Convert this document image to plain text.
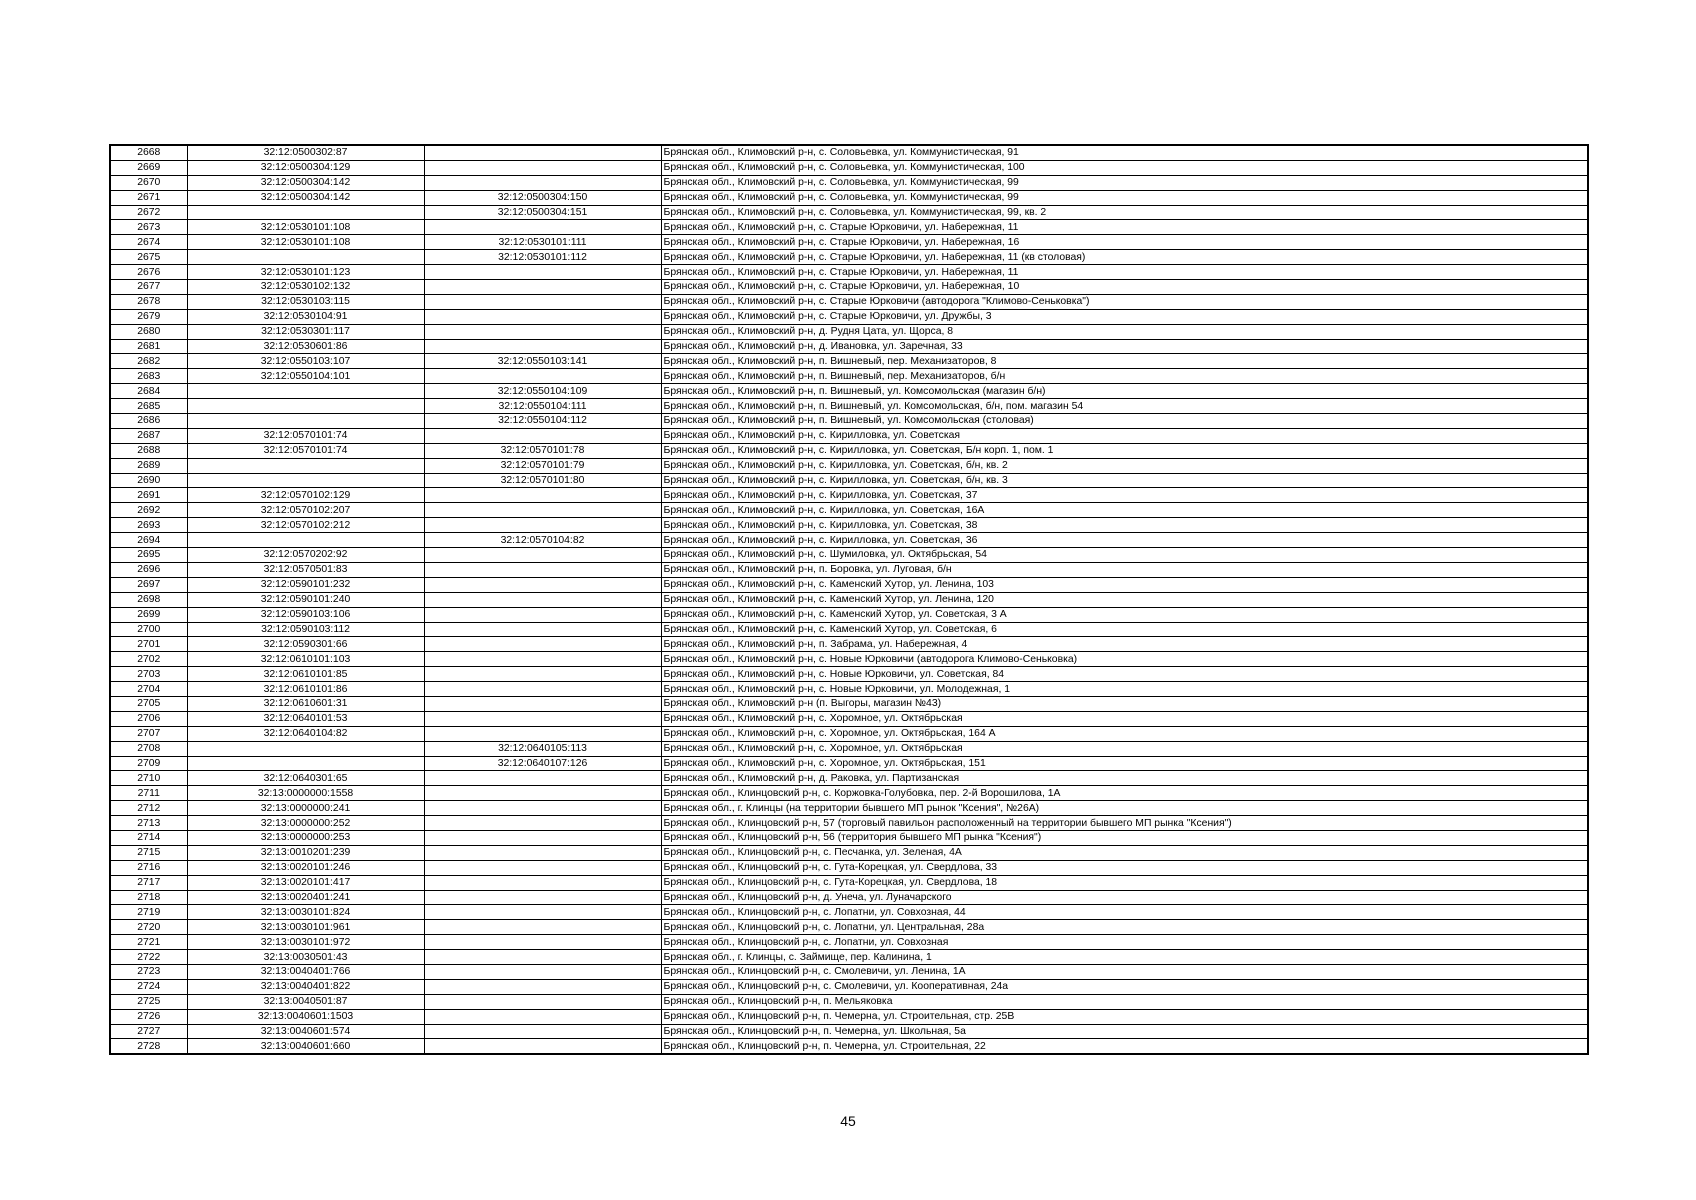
2668	32:12:0500302:87		Брянская обл., Климовский р-н, с. Соловьевка, ул. Коммунистическая, 91
2669	32:12:0500304:129		Брянская обл., Климовский р-н, с. Соловьевка, ул. Коммунистическая, 100
2670	32:12:0500304:142		Брянская обл., Климовский р-н, с. Соловьевка, ул. Коммунистическая, 99
2671	32:12:0500304:142	32:12:0500304:150	Брянская обл., Климовский р-н, с. Соловьевка, ул. Коммунистическая, 99
2672		32:12:0500304:151	Брянская обл., Климовский р-н, с. Соловьевка, ул. Коммунистическая, 99, кв. 2
2673	32:12:0530101:108		Брянская обл., Климовский р-н, с. Старые Юрковичи, ул. Набережная, 11
2674	32:12:0530101:108	32:12:0530101:111	Брянская обл., Климовский р-н, с. Старые Юрковичи, ул. Набережная, 16
2675		32:12:0530101:112	Брянская обл., Климовский р-н, с. Старые Юрковичи, ул. Набережная, 11 (кв столовая)
2676	32:12:0530101:123		Брянская обл., Климовский р-н, с. Старые Юрковичи, ул. Набережная, 11
2677	32:12:0530102:132		Брянская обл., Климовский р-н, с. Старые Юрковичи, ул. Набережная, 10
2678	32:12:0530103:115		Брянская обл., Климовский р-н, с. Старые Юрковичи (автодорога "Климово-Сеньковка")
2679	32:12:0530104:91		Брянская обл., Климовский р-н, с. Старые Юрковичи, ул. Дружбы, 3
2680	32:12:0530301:117		Брянская обл., Климовский р-н, д. Рудня Цата, ул. Щорса, 8
2681	32:12:0530601:86		Брянская обл., Климовский р-н, д. Ивановка, ул. Заречная, 33
2682	32:12:0550103:107	32:12:0550103:141	Брянская обл., Климовский р-н, п. Вишневый, пер. Механизаторов, 8
2683	32:12:0550104:101		Брянская обл., Климовский р-н, п. Вишневый, пер. Механизаторов, б/н
2684		32:12:0550104:109	Брянская обл., Климовский р-н, п. Вишневый, ул. Комсомольская (магазин б/н)
2685		32:12:0550104:111	Брянская обл., Климовский р-н, п. Вишневый, ул. Комсомольская, б/н, пом. магазин 54
2686		32:12:0550104:112	Брянская обл., Климовский р-н, п. Вишневый, ул. Комсомольская (столовая)
2687	32:12:0570101:74		Брянская обл., Климовский р-н, с. Кирилловка, ул. Советская
2688	32:12:0570101:74	32:12:0570101:78	Брянская обл., Климовский р-н, с. Кирилловка, ул. Советская, Б/н корп. 1, пом. 1
2689		32:12:0570101:79	Брянская обл., Климовский р-н, с. Кирилловка, ул. Советская, б/н, кв. 2
2690		32:12:0570101:80	Брянская обл., Климовский р-н, с. Кирилловка, ул. Советская, б/н, кв. 3
2691	32:12:0570102:129		Брянская обл., Климовский р-н, с. Кирилловка, ул. Советская, 37
2692	32:12:0570102:207		Брянская обл., Климовский р-н, с. Кирилловка, ул. Советская, 16А
2693	32:12:0570102:212		Брянская обл., Климовский р-н, с. Кирилловка, ул. Советская, 38
2694		32:12:0570104:82	Брянская обл., Климовский р-н, с. Кирилловка, ул. Советская, 36
2695	32:12:0570202:92		Брянская обл., Климовский р-н, с. Шумиловка, ул. Октябрьская, 54
2696	32:12:0570501:83		Брянская обл., Климовский р-н, п. Боровка, ул. Луговая, б/н
2697	32:12:0590101:232		Брянская обл., Климовский р-н, с. Каменский Хутор, ул. Ленина, 103
2698	32:12:0590101:240		Брянская обл., Климовский р-н, с. Каменский Хутор, ул. Ленина, 120
2699	32:12:0590103:106		Брянская обл., Климовский р-н, с. Каменский Хутор, ул. Советская, 3 А
2700	32:12:0590103:112		Брянская обл., Климовский р-н, с. Каменский Хутор, ул. Советская, 6
2701	32:12:0590301:66		Брянская обл., Климовский р-н, п. Забрама, ул. Набережная, 4
2702	32:12:0610101:103		Брянская обл., Климовский р-н, с. Новые Юрковичи (автодорога Климово-Сеньковка)
2703	32:12:0610101:85		Брянская обл., Климовский р-н, с. Новые Юрковичи, ул. Советская, 84
2704	32:12:0610101:86		Брянская обл., Климовский р-н, с. Новые Юрковичи, ул. Молодежная, 1
2705	32:12:0610601:31		Брянская обл., Климовский р-н (п. Выгоры, магазин №43)
2706	32:12:0640101:53		Брянская обл., Климовский р-н, с. Хоромное, ул. Октябрьская
2707	32:12:0640104:82		Брянская обл., Климовский р-н, с. Хоромное, ул. Октябрьская, 164 А
2708		32:12:0640105:113	Брянская обл., Климовский р-н, с. Хоромное, ул. Октябрьская
2709		32:12:0640107:126	Брянская обл., Климовский р-н, с. Хоромное, ул. Октябрьская, 151
2710	32:12:0640301:65		Брянская обл., Климовский р-н, д. Раковка, ул. Партизанская
2711	32:13:0000000:1558		Брянская обл., Клинцовский р-н, с. Коржовка-Голубовка, пер. 2-й Ворошилова, 1А
2712	32:13:0000000:241		Брянская обл., г. Клинцы (на территории бывшего МП рынок "Ксения", №26А)
2713	32:13:0000000:252		Брянская обл., Клинцовский р-н, 57 (торговый павильон расположенный на территории бывшего МП рынка "Ксения")
2714	32:13:0000000:253		Брянская обл., Клинцовский р-н, 56 (территория бывшего МП рынка "Ксения")
2715	32:13:0010201:239		Брянская обл., Клинцовский р-н, с. Песчанка, ул. Зеленая, 4А
2716	32:13:0020101:246		Брянская обл., Клинцовский р-н, с. Гута-Корецкая, ул. Свердлова, 33
2717	32:13:0020101:417		Брянская обл., Клинцовский р-н, с. Гута-Корецкая, ул. Свердлова, 18
2718	32:13:0020401:241		Брянская обл., Клинцовский р-н, д. Унеча, ул. Луначарского
2719	32:13:0030101:824		Брянская обл., Клинцовский р-н, с. Лопатни, ул. Совхозная, 44
2720	32:13:0030101:961		Брянская обл., Клинцовский р-н, с. Лопатни, ул. Центральная, 28а
2721	32:13:0030101:972		Брянская обл., Клинцовский р-н, с. Лопатни, ул. Совхозная
2722	32:13:0030501:43		Брянская обл., г. Клинцы, с. Займище, пер. Калинина, 1
2723	32:13:0040401:766		Брянская обл., Клинцовский р-н, с. Смолевичи, ул. Ленина, 1А
2724	32:13:0040401:822		Брянская обл., Клинцовский р-н, с. Смолевичи, ул. Кооперативная, 24а
2725	32:13:0040501:87		Брянская обл., Клинцовский р-н, п. Мельяковка
2726	32:13:0040601:1503		Брянская обл., Клинцовский р-н, п. Чемерна, ул. Строительная, стр. 25В
2727	32:13:0040601:574		Брянская обл., Клинцовский р-н, п. Чемерна, ул. Школьная, 5а
2728	32:13:0040601:660		Брянская обл., Клинцовский р-н, п. Чемерна, ул. Строительная, 22
45
